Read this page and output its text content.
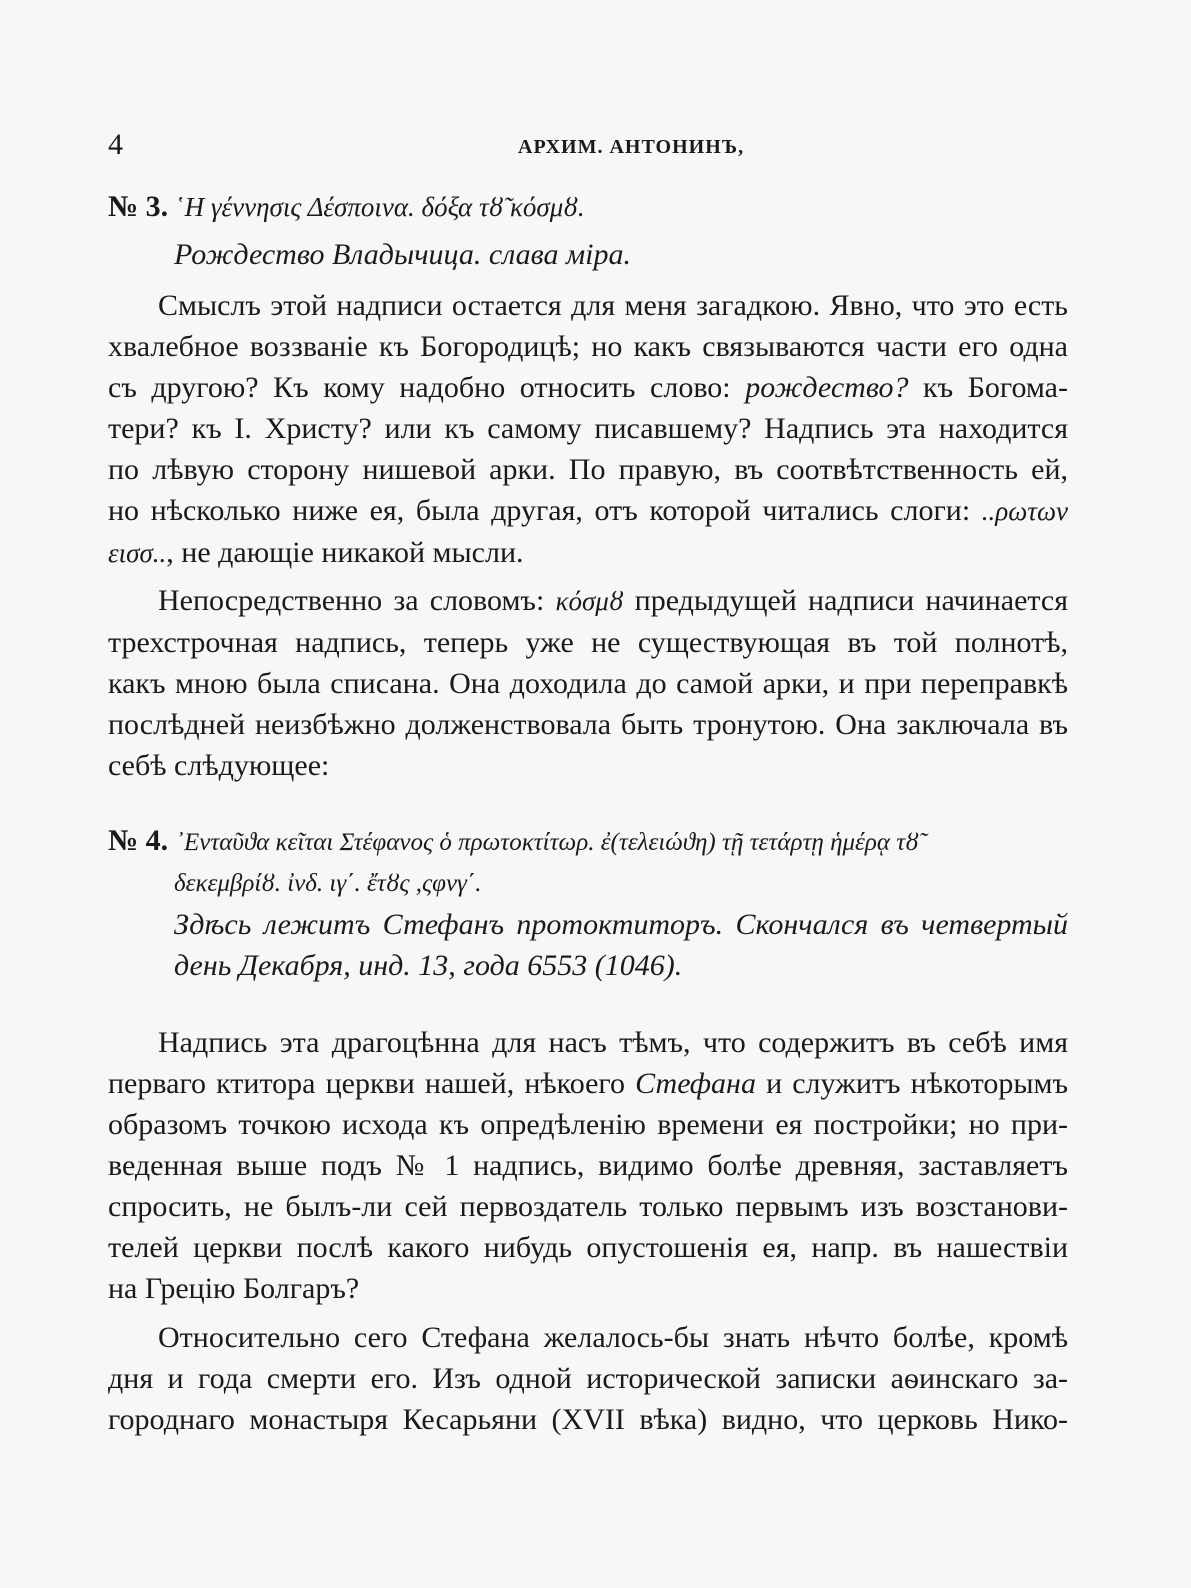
4	АРХИМ. АНТОНИНЪ,
№ 3. ῾Η γέννησις Δέσποινα. δόξα τȣ̃ κόσμȣ.
Рождество Владычица. слава міра.
Смыслъ этой надписи остается для меня загадкою. Явно, что это есть
хвалебное воззваніе къ Богородицѣ; но какъ связываются части его одна
съ другою? Къ кому надобно относить слово: рождество? къ Богома-
тери? къ І. Христу? или къ самому писавшему? Надпись эта находится
по лѣвую сторону нишевой арки. По правую, въ соотвѣтственность ей,
но нѣсколько ниже ея, была другая, отъ которой читались слоги: ..ρωτων
εισσ.., не дающіе никакой мысли.
Непосредственно за словомъ: κόσμȣ предыдущей надписи начинается
трехстрочная надпись, теперь уже не существующая въ той полнотѣ,
какъ мною была списана. Она доходила до самой арки, и при переправкѣ
послѣдней неизбѣжно долженствовала быть тронутою. Она заключала въ
себѣ слѣдующее:
№ 4. ᾿Ενταῦϑα κεῖται Στέφανος ὁ πρωτοκτίτωρ. ἐ(τελειώϑη) τῇ τετάρτῃ ἡμέρᾳ τȣ̃
δεκεμβρίȣ. ἰνδ. ιγ΄. ἔτȣς ,ςφνγ΄.
Здѣсь лежитъ Стефанъ протоктиторъ. Скончался въ четвертый
день Декабря, инд. 13, года 6553 (1046).
Надпись эта драгоцѣнна для насъ тѣмъ, что содержитъ въ себѣ имя
перваго ктитора церкви нашей, нѣкоего Стефана и служитъ нѣкоторымъ
образомъ точкою исхода къ опредѣленію времени ея постройки; но при-
веденная выше подъ № 1 надпись, видимо болѣе древняя, заставляетъ
спросить, не былъ-ли сей первоздатель только первымъ изъ возстанови-
телей церкви послѣ какого нибудь опустошенія ея, напр. въ нашествіи
на Грецію Болгаръ?
Относительно сего Стефана желалось-бы знать нѣчто болѣе, кромѣ
дня и года смерти его. Изъ одной исторической записки аѳинскаго за-
городнаго монастыря Кесарьяни (XVII вѣка) видно, что церковь Нико-
